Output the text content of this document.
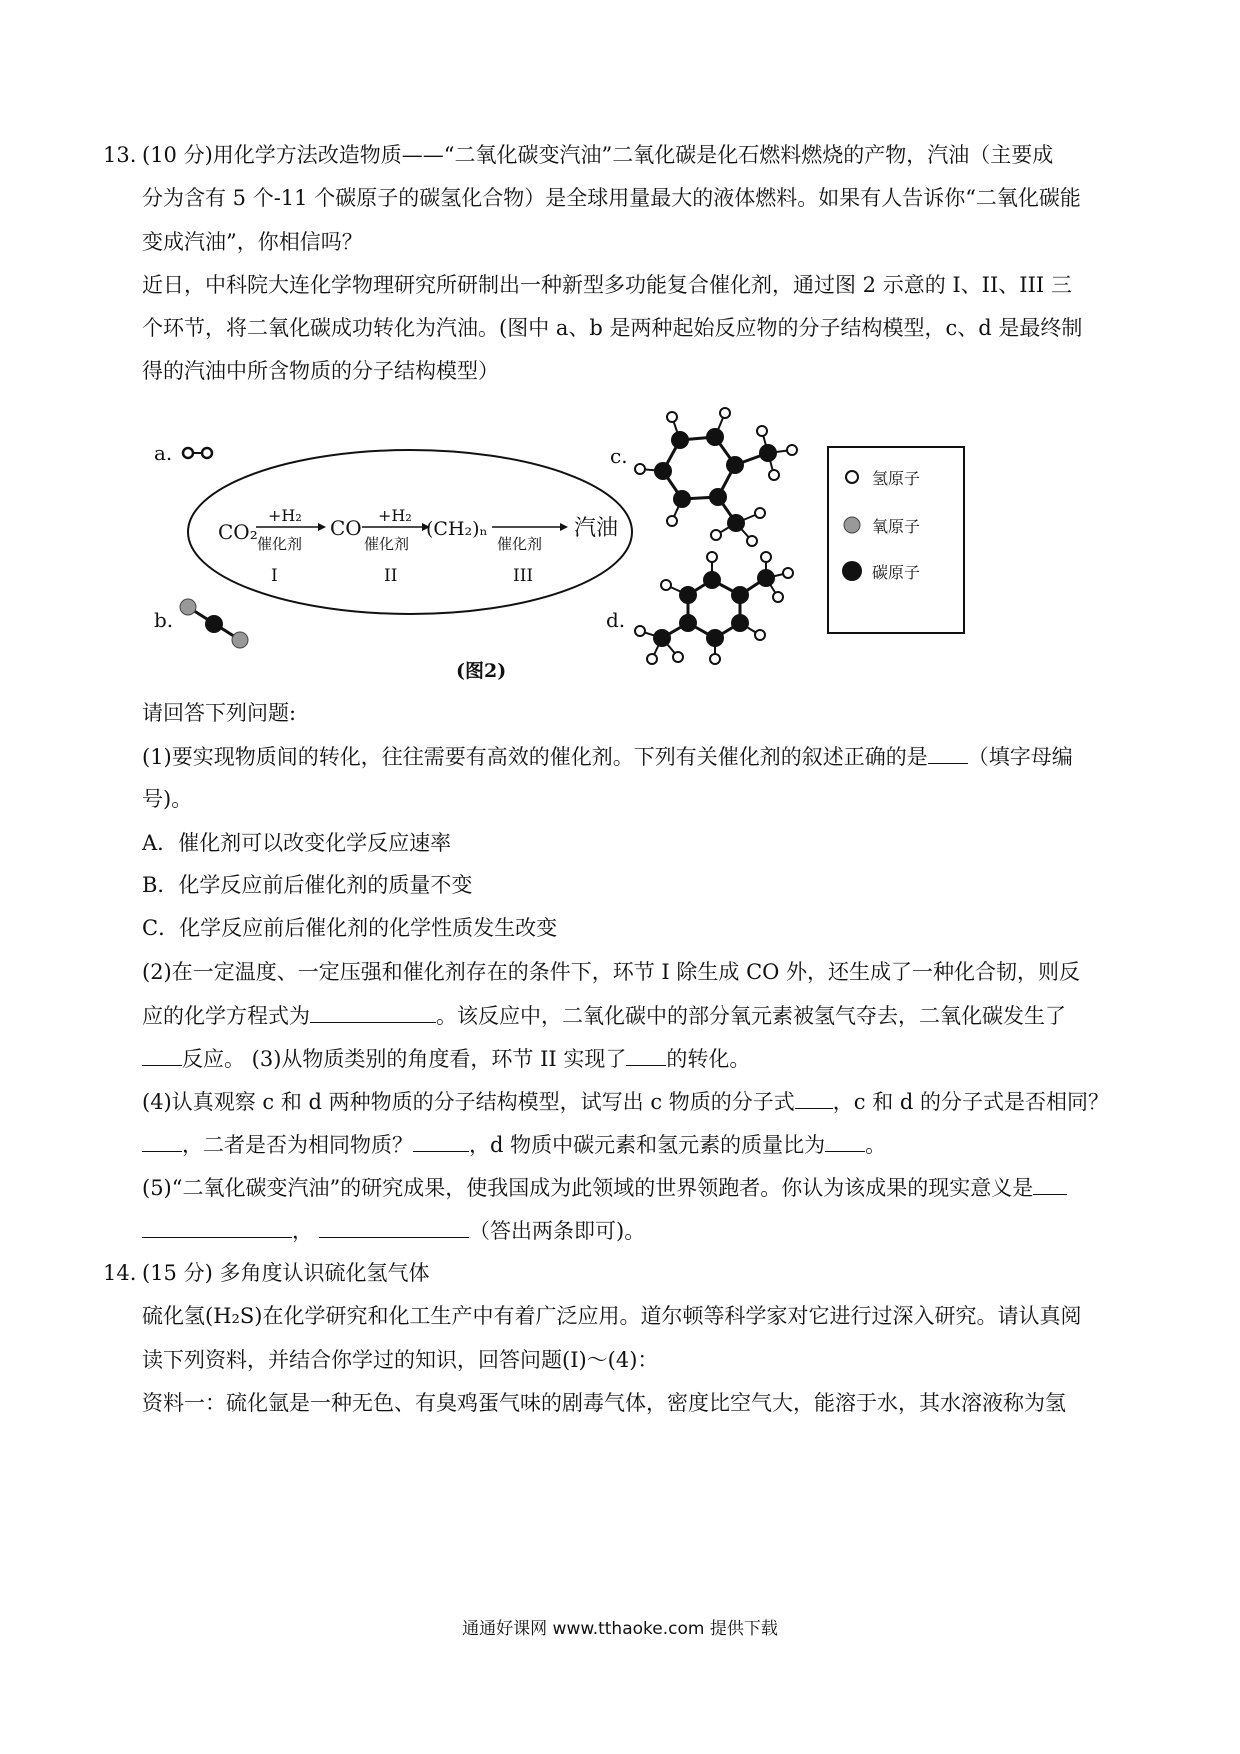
13. (10 分)用化学方法改造物质——“二氧化碳变汽油”二氧化碳是化石燃料燃烧的产物，汽油（主要成
分为含有 5 个-11 个碳原子的碳氢化合物）是全球用量最大的液体燃料。如果有人告诉你“二氧化碳能
变成汽油”，你相信吗？
近日，中科院大连化学物理研究所研制出一种新型多功能复合催化剂，通过图 2 示意的 I、II、III 三
个环节，将二氧化碳成功转化为汽油。(图中 a、b 是两种起始反应物的分子结构模型，c、d 是最终制
得的汽油中所含物质的分子结构模型）
a.
b.
CO₂
+H₂
催化剂
I
CO
+H₂
催化剂
II
(CH₂)ₙ
催化剂
III
汽油
c.
d.
氢原子
氧原子
碳原子
(图2)
请回答下列问题:
(1)要实现物质间的转化，往往需要有高效的催化剂。下列有关催化剂的叙述正确的是 （填字母编
号)。
A．催化剂可以改变化学反应速率
B．化学反应前后催化剂的质量不变
C．化学反应前后催化剂的化学性质发生改变
(2)在一定温度、一定压强和催化剂存在的条件下，环节 I 除生成 CO 外，还生成了一种化合韧，则反
应的化学方程式为	。该反应中，二氧化碳中的部分氧元素被氢气夺去，二氧化碳发生了
反应。 (3)从物质类别的角度看，环节 II 实现了 的转化。
(4)认真观察 c 和 d 两种物质的分子结构模型，试写出 c 物质的分子式 ，c 和 d 的分子式是否相同？
，二者是否为相同物质？	，d 物质中碳元素和氢元素的质量比为 。
(5)“二氧化碳变汽油”的研究成果，使我国成为此领域的世界领跑者。你认为该成果的现实意义是
，	（答出两条即可)。
14. (15 分) 多角度认识硫化氢气体
硫化氢(H₂S)在化学研究和化工生产中有着广泛应用。道尔顿等科学家对它进行过深入研究。请认真阅
读下列资料，并结合你学过的知识，回答问题(I)～(4)：
资料一：硫化氩是一种无色、有臭鸡蛋气味的剧毒气体，密度比空气大，能溶于水，其水溶液称为氢
通通好课网 www.tthaoke.com 提供下载
